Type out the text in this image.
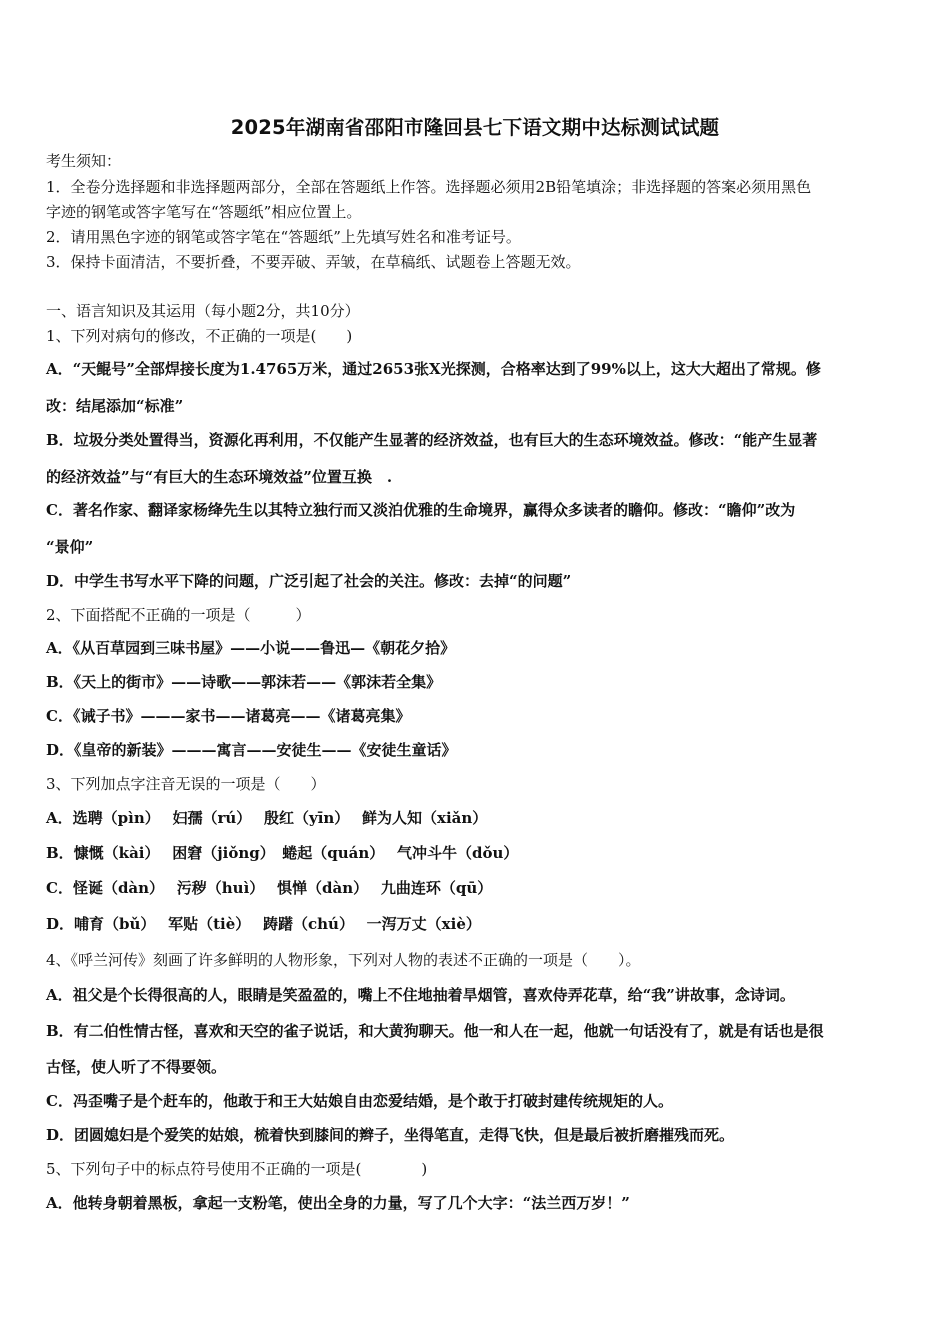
2025年湖南省邵阳市隆回县七下语文期中达标测试试题
考生须知：
1．全卷分选择题和非选择题两部分，全部在答题纸上作答。选择题必须用2B铅笔填涂；非选择题的答案必须用黑色
字迹的钢笔或答字笔写在“答题纸”相应位置上。
2．请用黑色字迹的钢笔或答字笔在“答题纸”上先填写姓名和准考证号。
3．保持卡面清洁，不要折叠，不要弄破、弄皱，在草稿纸、试题卷上答题无效。
一、语言知识及其运用（每小题2分，共10分）
1、下列对病句的修改，不正确的一项是(　　)
A．“天鲲号”全部焊接长度为1.4765万米，通过2653张X光探测，合格率达到了99%以上，这大大超出了常规。修
改：结尾添加“标准”
B．垃圾分类处置得当，资源化再利用，不仅能产生显著的经济效益，也有巨大的生态环境效益。修改：“能产生显著
的经济效益”与“有巨大的生态环境效益”位置互换　.
C．著名作家、翻译家杨绛先生以其特立独行而又淡泊优雅的生命境界，赢得众多读者的瞻仰。修改：“瞻仰”改为
“景仰”
D．中学生书写水平下降的问题，广泛引起了社会的关注。修改：去掉“的问题”
2、下面搭配不正确的一项是（　　　）
A．《从百草园到三味书屋》——小说——鲁迅—《朝花夕拾》
B．《天上的街市》——诗歌——郭沫若——《郭沫若全集》
C．《诫子书》———家书——诸葛亮——《诸葛亮集》
D．《皇帝的新装》———寓言——安徒生——《安徒生童话》
3、下列加点字注音无误的一项是（　　）
A．选聘（pìn）　 妇孺（rú）　 殷红（yīn）　 鲜为人知（xiǎn）
B．慷慨（kài）　 困窘（jiǒng）　蜷起（quán）　 气冲斗牛（dǒu）
C．怪诞（dàn）　 污秽（huì）　 惧惮（dàn）　 九曲连环（qū）
D．哺育（bǔ）　 军贴（tiè）　 踌躇（chú）　 一泻万丈（xiè）
4、《呼兰河传》刻画了许多鲜明的人物形象，下列对人物的表述不正确的一项是（　　）。
A．祖父是个长得很高的人，眼睛是笑盈盈的，嘴上不住地抽着旱烟管，喜欢侍弄花草，给“我”讲故事，念诗词。
B．有二伯性情古怪，喜欢和天空的雀子说话，和大黄狗聊天。他一和人在一起，他就一句话没有了，就是有话也是很
古怪，使人听了不得要领。
C．冯歪嘴子是个赶车的，他敢于和王大姑娘自由恋爱结婚，是个敢于打破封建传统规矩的人。
D．团圆媳妇是个爱笑的姑娘，梳着快到膝间的辫子，坐得笔直，走得飞快，但是最后被折磨摧残而死。
5、下列句子中的标点符号使用不正确的一项是(　　　　)
A．他转身朝着黑板，拿起一支粉笔，使出全身的力量，写了几个大字：“法兰西万岁！”
